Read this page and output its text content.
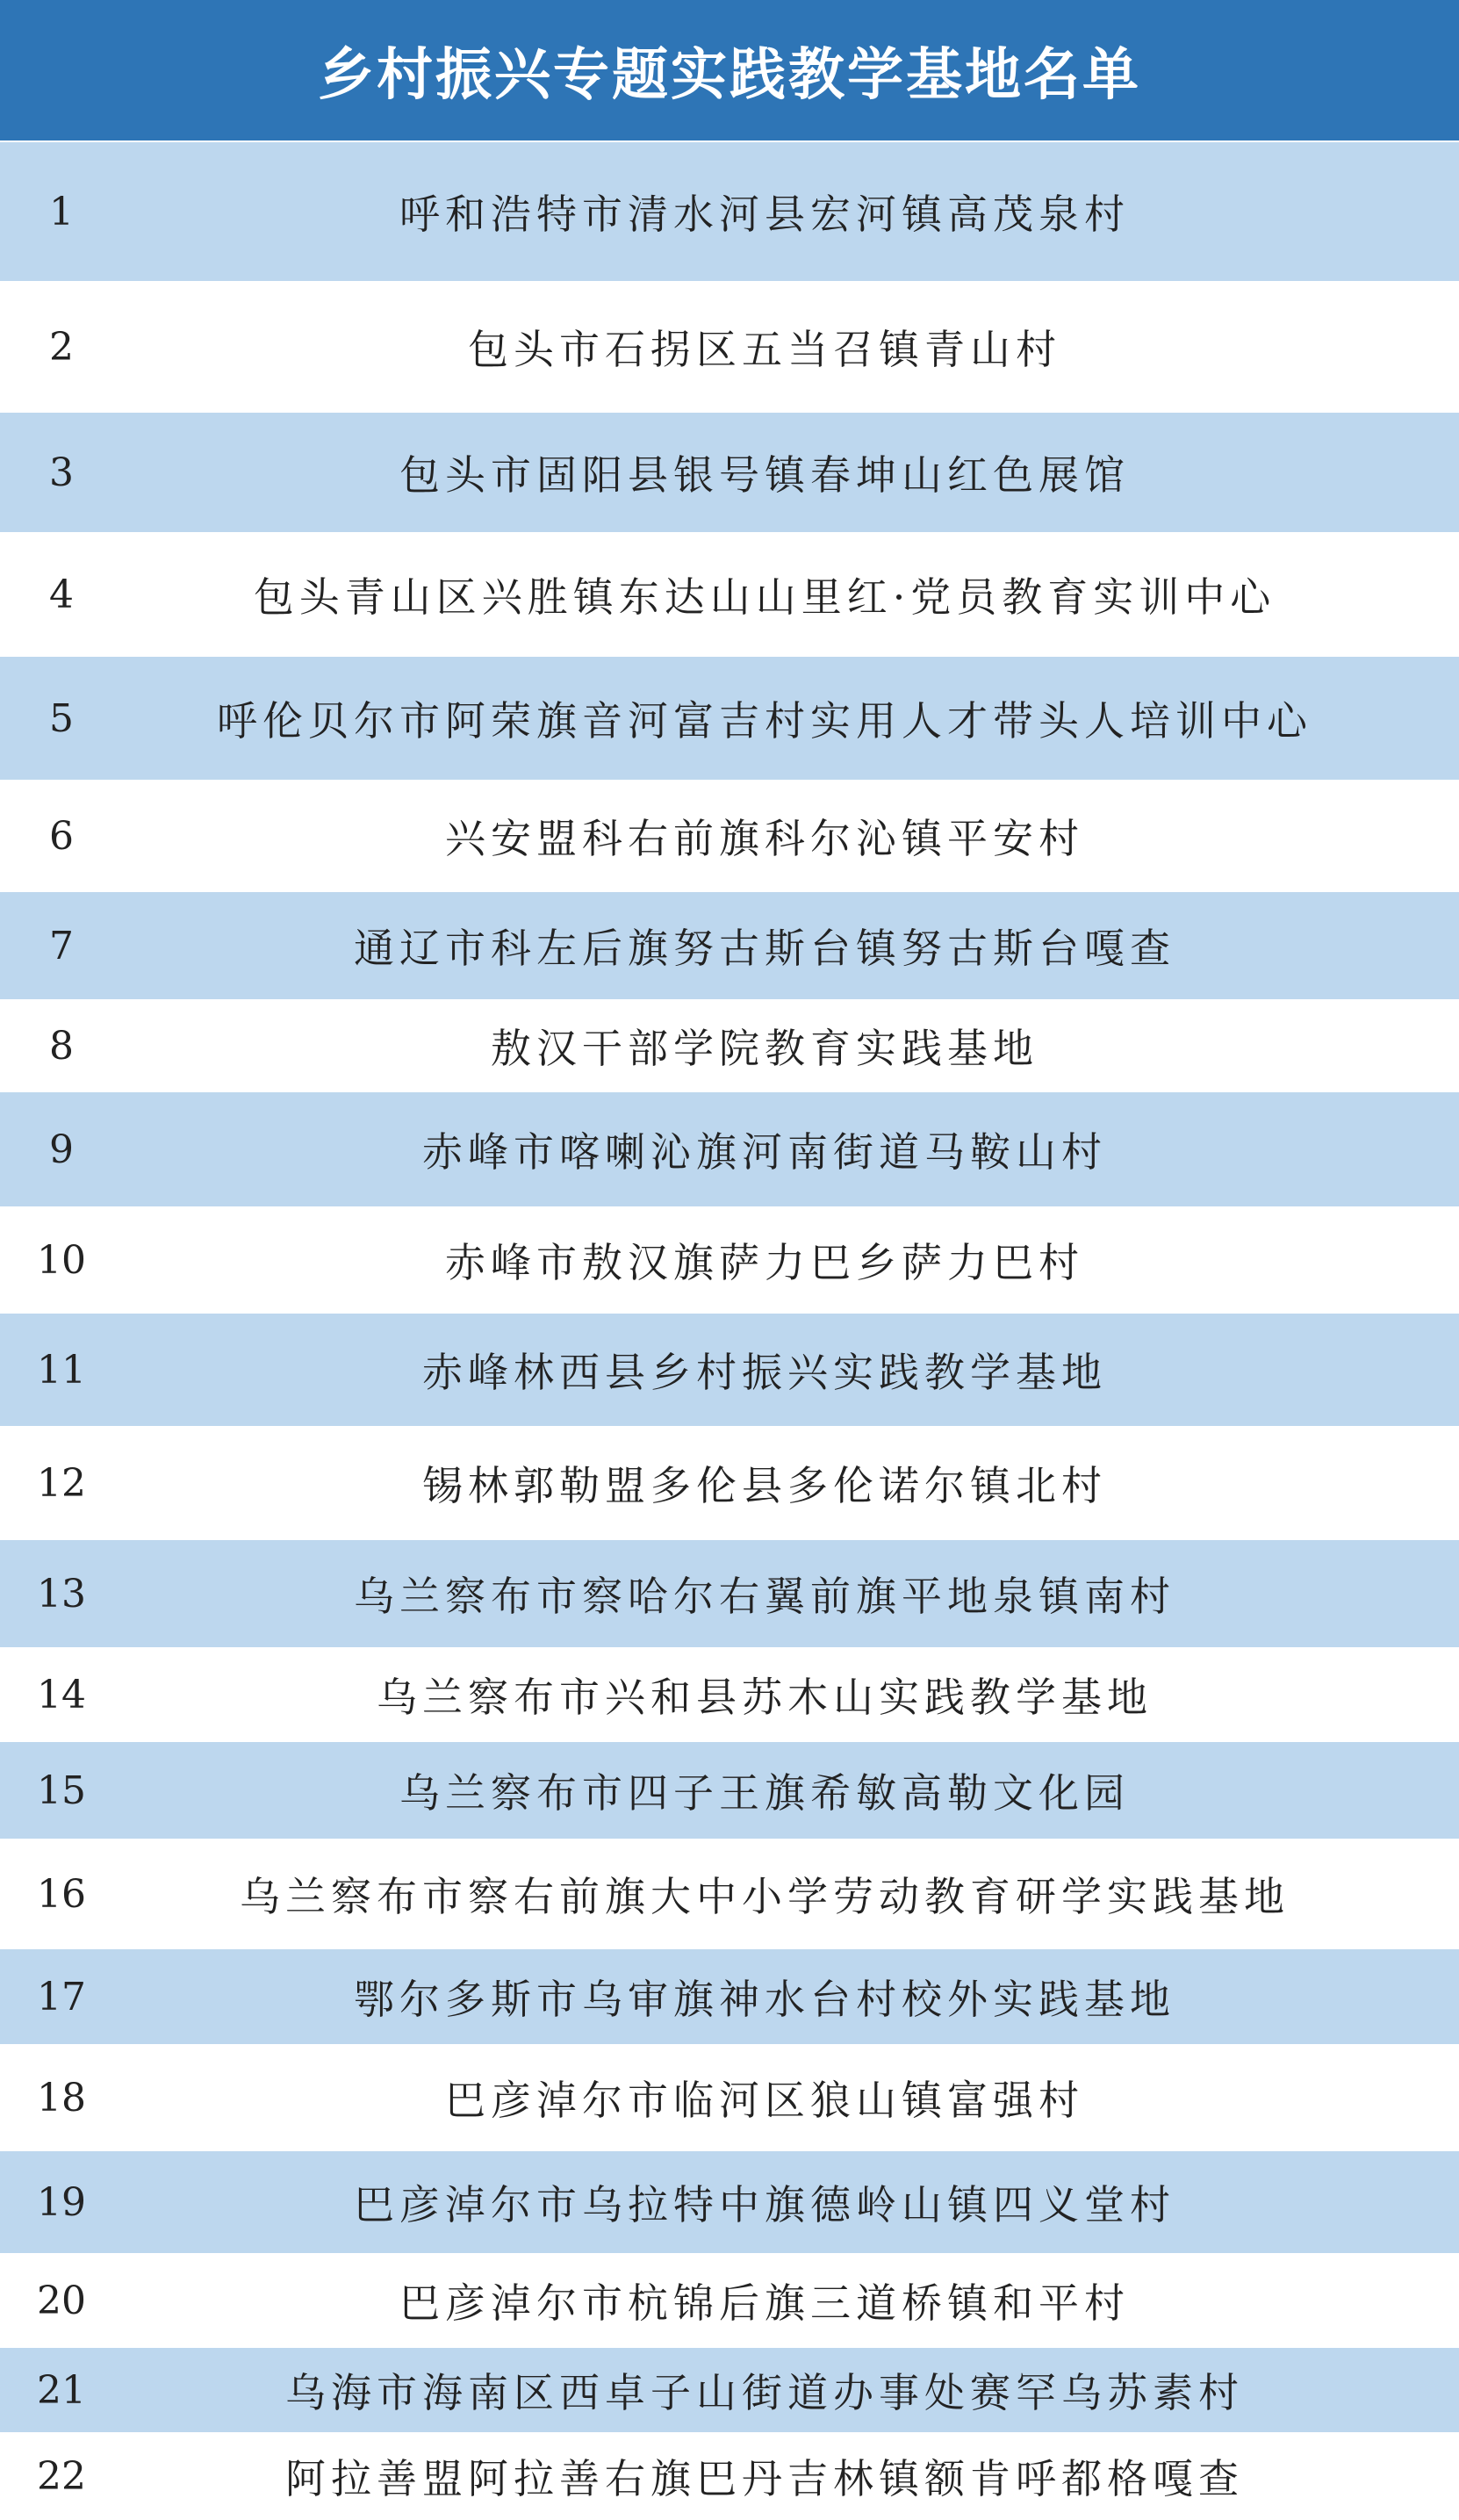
乡村振兴专题实践教学基地名单
1	呼和浩特市清水河县宏河镇高茂泉村
2	包头市石拐区五当召镇青山村
3	包头市固阳县银号镇春坤山红色展馆
4	包头青山区兴胜镇东达山山里红·党员教育实训中心
5	呼伦贝尔市阿荣旗音河富吉村实用人才带头人培训中心
6	兴安盟科右前旗科尔沁镇平安村
7	通辽市科左后旗努古斯台镇努古斯台嘎查
8	敖汉干部学院教育实践基地
9	赤峰市喀喇沁旗河南街道马鞍山村
10	赤峰市敖汉旗萨力巴乡萨力巴村
11	赤峰林西县乡村振兴实践教学基地
12	锡林郭勒盟多伦县多伦诺尔镇北村
13	乌兰察布市察哈尔右翼前旗平地泉镇南村
14	乌兰察布市兴和县苏木山实践教学基地
15	乌兰察布市四子王旗希敏高勒文化园
16	乌兰察布市察右前旗大中小学劳动教育研学实践基地
17	鄂尔多斯市乌审旗神水台村校外实践基地
18	巴彦淖尔市临河区狼山镇富强村
19	巴彦淖尔市乌拉特中旗德岭山镇四义堂村
20	巴彦淖尔市杭锦后旗三道桥镇和平村
21	乌海市海南区西卓子山街道办事处赛罕乌苏素村
22	阿拉善盟阿拉善右旗巴丹吉林镇额肯呼都格嘎查
